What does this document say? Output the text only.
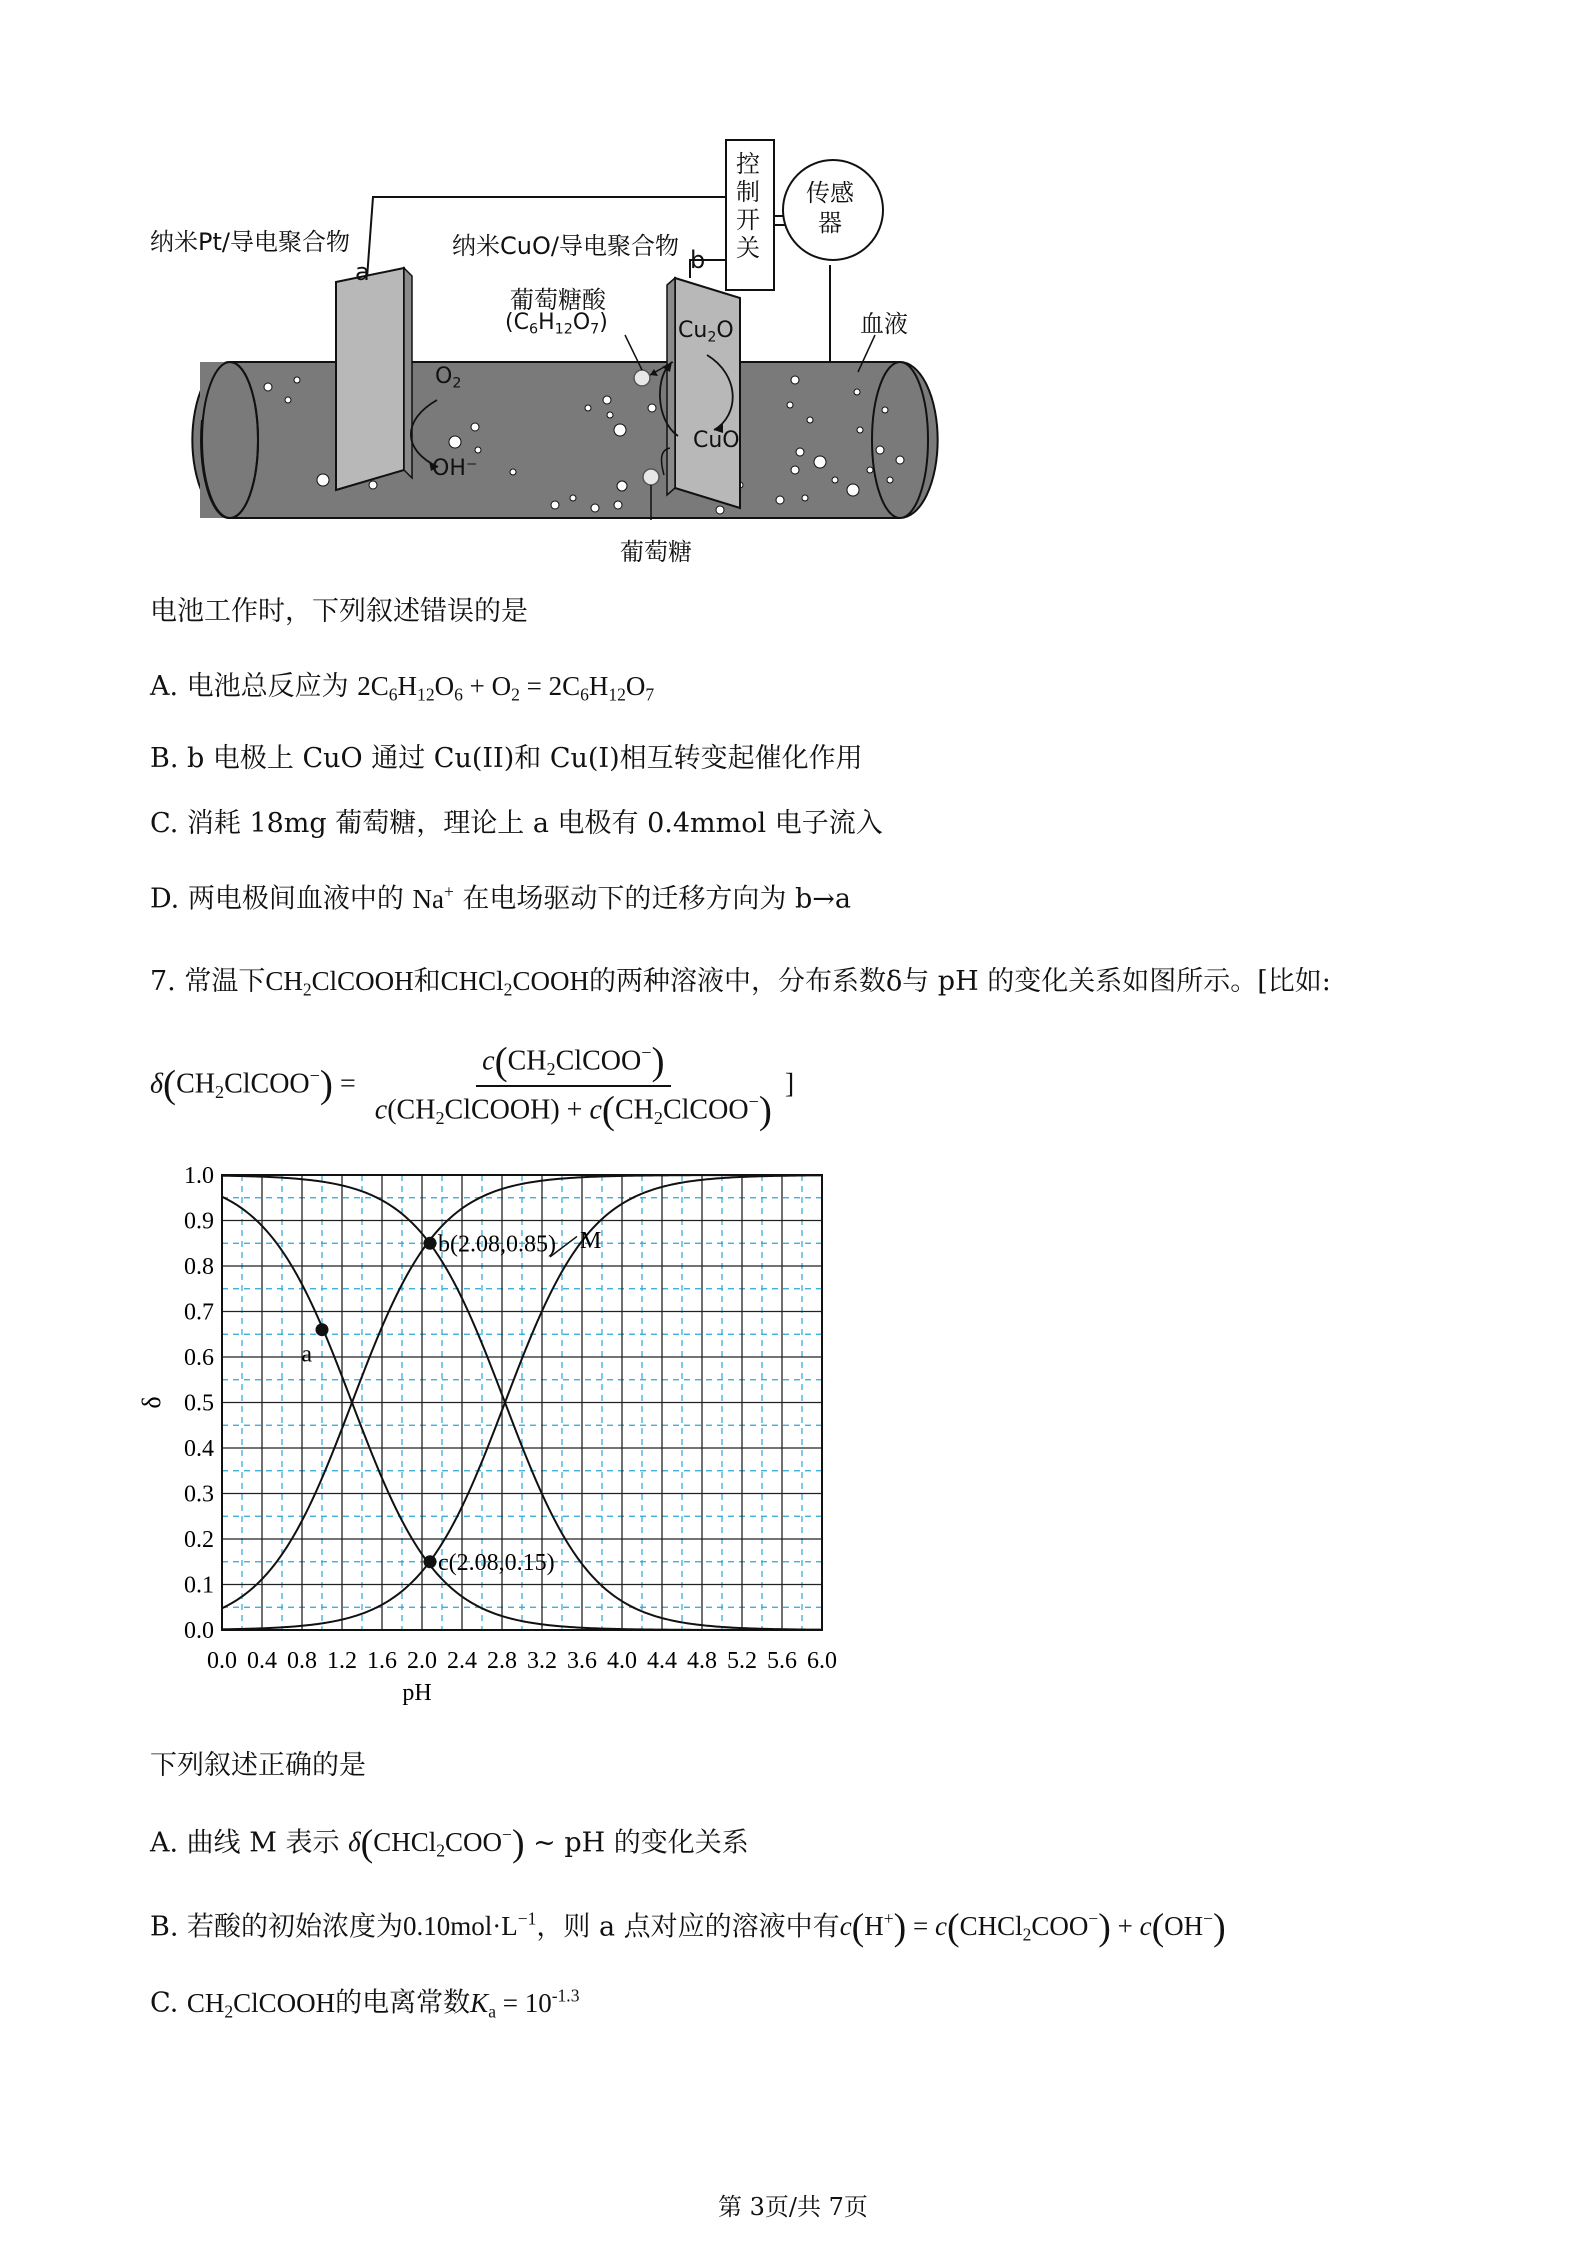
纳米Pt/导电聚合物
a
纳米CuO/导电聚合物 b
葡萄糖酸
(C6H12O7)	血液
葡萄糖
O2
OH⁻
Cu2O
CuO
控
制
开
关
传感
器
电池工作时，下列叙述错误的是
A. 电池总反应为 2C6H12O6 + O2 = 2C6H12O7
B. b 电极上 CuO 通过 Cu(II)和 Cu(I)相互转变起催化作用
C. 消耗 18mg 葡萄糖，理论上 a 电极有 0.4mmol 电子流入
D. 两电极间血液中的 Na+ 在电场驱动下的迁移方向为 b→a
7. 常温下CH2ClCOOH和CHCl2COOH的两种溶液中，分布系数δ与 pH 的变化关系如图所示。[比如:
δ(CH2ClCOO−) = $\frac{c(CH2ClCOO^-)}{c(CH2ClCOOH) + c(CH2ClCOO^-)}$ ]
0.0 0.4 0.8 1.2 1.6 2.0 2.4 2.8 3.2 3.6 4.0 4.4 4.8 5.2 5.6 6.0
0.0
0.1
0.2
0.3
0.4
0.5
0.6
0.7
0.8
0.9
1.0
pH
δ
a
b(2.08,0.85)
c(2.08,0.15)
M
下列叙述正确的是
A. 曲线 M 表示 δ(CHCl2COO−) ~ pH 的变化关系
B. 若酸的初始浓度为$0.10mol\cdot L^{-1}$，则 a 点对应的溶液中有c(H+) = c(CHCl2COO−) + c(OH−)
C. CH2ClCOOH的电离常数$Ka = 10^{-1.3}$
第 3页/共 7页
